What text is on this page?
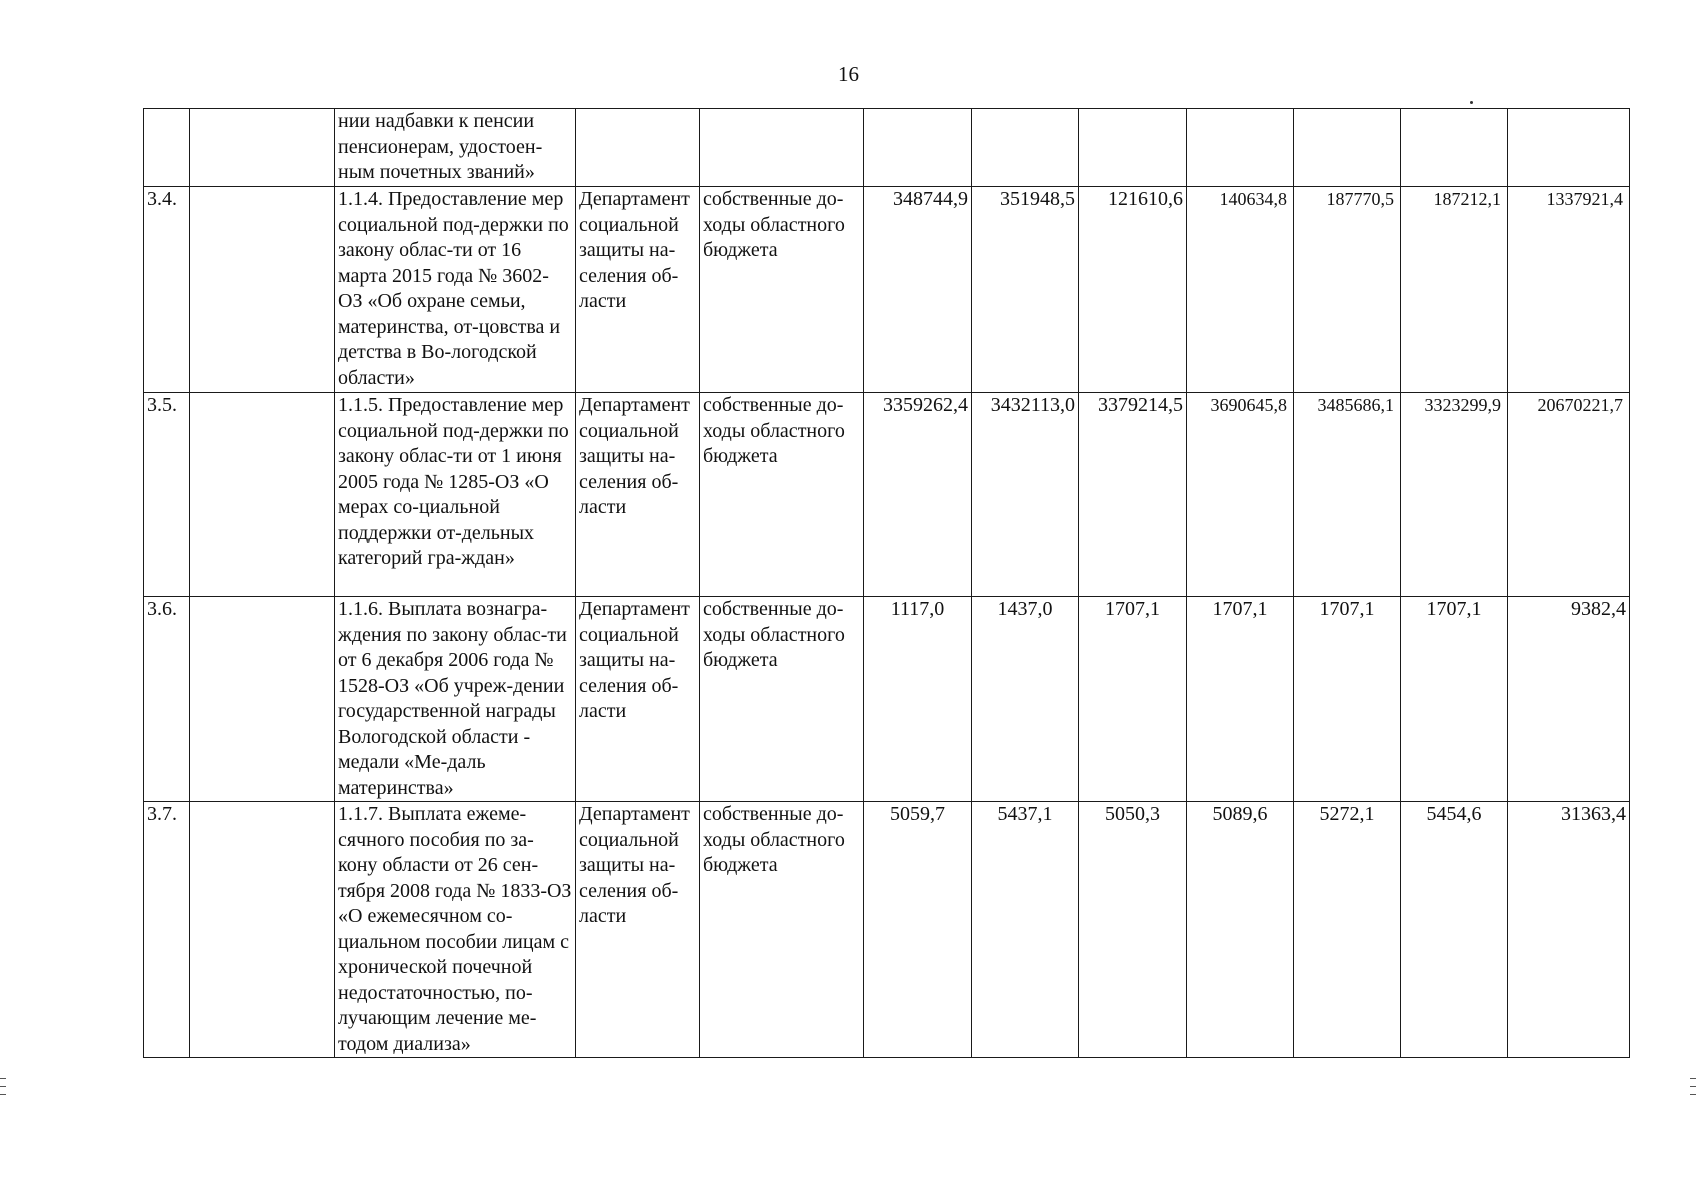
16
		нии надбавки к пенсии пенсионерам, удостоен-ным почетных званий»									
3.4.		1.1.4. Предоставление мер социальной под-держки по закону облас-ти от 16 марта 2015 года № 3602-ОЗ «Об охране семьи, материнства, от-цовства и детства в Во-логодской области»	Департамент социальной защиты на-селения об-ласти	собственные до-ходы областного бюджета	348744,9	351948,5	121610,6	140634,8	187770,5	187212,1	1337921,4
3.5.		1.1.5. Предоставление мер социальной под-держки по закону облас-ти от 1 июня 2005 года № 1285-ОЗ «О мерах со-циальной поддержки от-дельных категорий гра-ждан»	Департамент социальной защиты на-селения об-ласти	собственные до-ходы областного бюджета	3359262,4	3432113,0	3379214,5	3690645,8	3485686,1	3323299,9	20670221,7
3.6.		1.1.6. Выплата вознагра-ждения по закону облас-ти от 6 декабря 2006 года № 1528-ОЗ «Об учреж-дении государственной награды Вологодской области - медали «Ме-даль материнства»	Департамент социальной защиты на-селения об-ласти	собственные до-ходы областного бюджета	1117,0	1437,0	1707,1	1707,1	1707,1	1707,1	9382,4
3.7.		1.1.7. Выплата ежеме-сячного пособия по за-кону области от 26 сен-тября 2008 года № 1833-ОЗ «О ежемесячном со-циальном пособии лицам с хронической почечной недостаточностью, по-лучающим лечение ме-тодом диализа»	Департамент социальной защиты на-селения об-ласти	собственные до-ходы областного бюджета	5059,7	5437,1	5050,3	5089,6	5272,1	5454,6	31363,4
